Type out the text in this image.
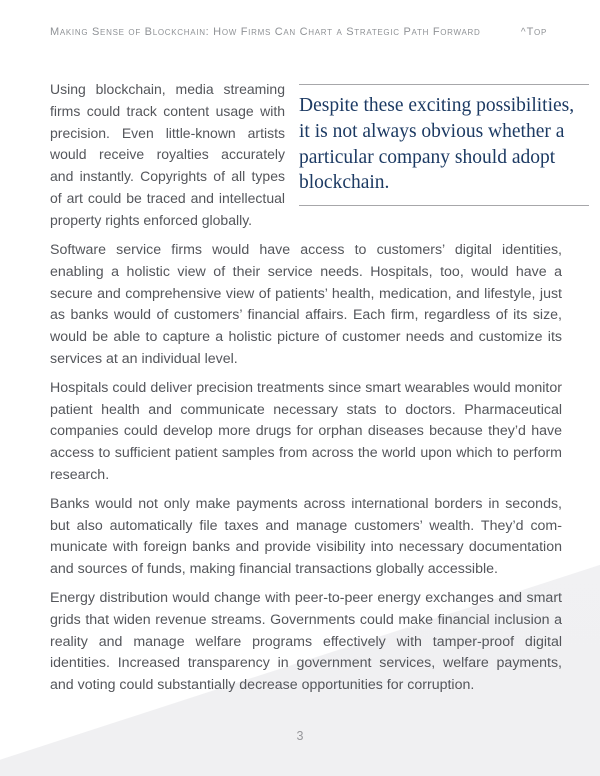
Making Sense of Blockchain: How Firms Can Chart a Strategic Path Forward	^Top

Using blockchain, media streaming firms could track content usage with precision. Even little-known artists would receive royalties accurately and instantly. Copyrights of all types of art could be traced and intellectual property rights enforced globally.

Despite these exciting possibilities, it is not always obvious whether a particular company should adopt blockchain.

Software service firms would have access to customers’ digital identities, enabling a holistic view of their service needs. Hospitals, too, would have a secure and comprehensive view of patients’ health, medication, and lifestyle, just as banks would of customers’ financial affairs. Each firm, regardless of its size, would be able to capture a holistic picture of customer needs and customize its services at an individual level.

Hospitals could deliver precision treatments since smart wearables would monitor patient health and communicate necessary stats to doctors. Pharmaceutical companies could develop more drugs for orphan diseases because they’d have access to sufficient patient samples from across the world upon which to perform research.

Banks would not only make payments across international borders in seconds, but also automatically file taxes and manage customers’ wealth. They’d communicate with foreign banks and provide visibility into necessary documentation and sources of funds, making financial transactions globally accessible.

Energy distribution would change with peer-to-peer energy exchanges and smart grids that widen revenue streams. Governments could make financial inclusion a reality and manage welfare programs effectively with tamper-proof digital identities. Increased transparency in government services, welfare payments, and voting could substantially decrease opportunities for corruption.

3
